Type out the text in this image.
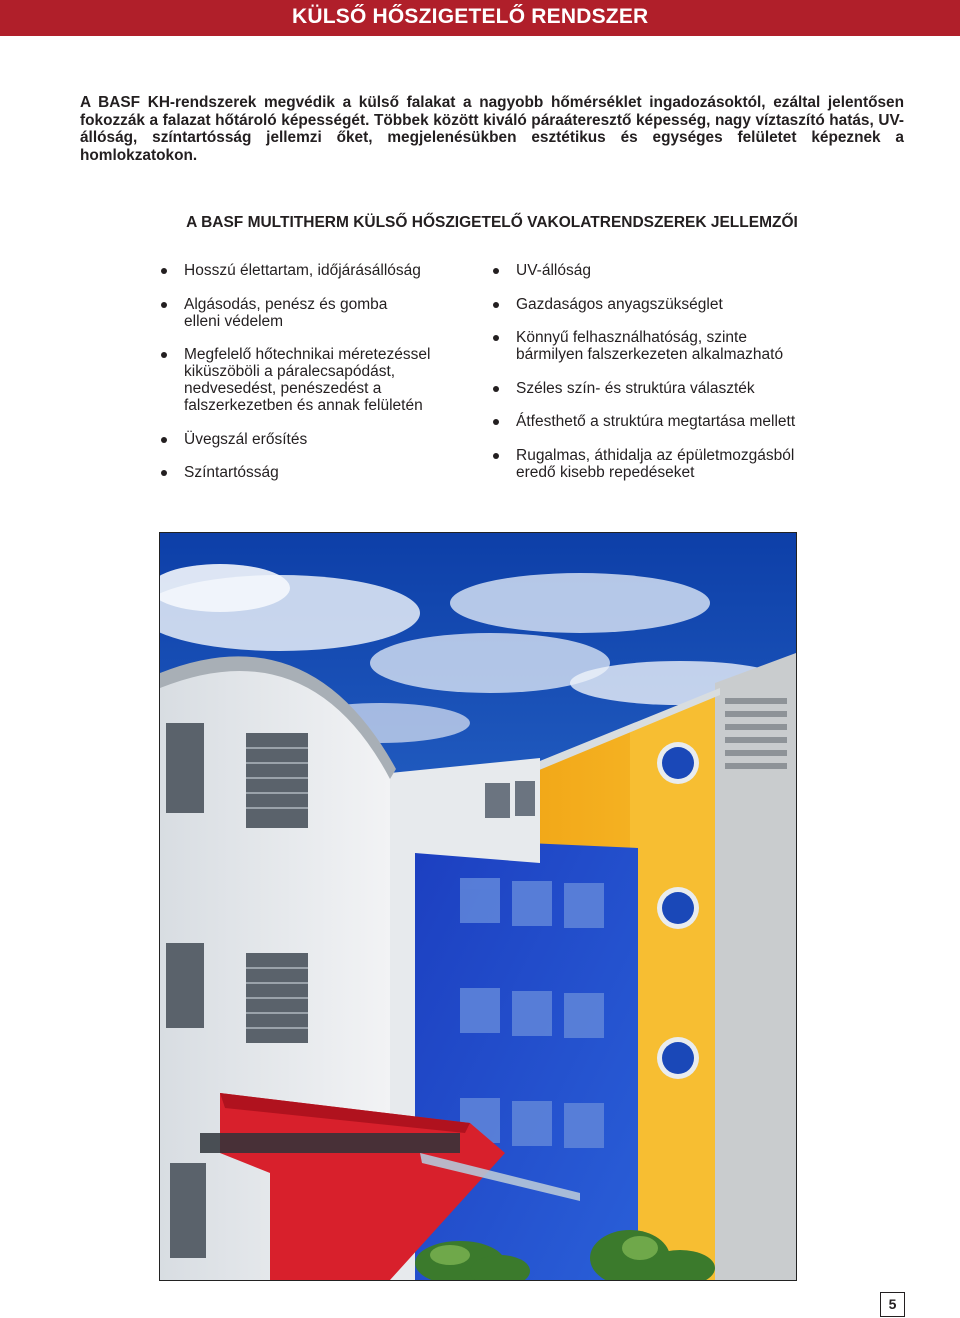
KÜLSŐ HŐSZIGETELŐ RENDSZER

A BASF KH-rendszerek megvédik a külső falakat a nagyobb hőmérséklet ingadozásoktól, ezáltal jelentősen fokozzák a falazat hőtároló képességét. Többek között kiváló páraáteresztő képesség, nagy víztaszító hatás, UV-állóság, színtartósság jellemzi őket, megjelenésükben esztétikus és egységes felületet képeznek a homlokzatokon.

A BASF MULTITHERM KÜLSŐ HŐSZIGETELŐ VAKOLATRENDSZEREK JELLEMZŐI
Hosszú élettartam, időjárásállóság
Algásodás, penész és gomba elleni védelem
Megfelelő hőtechnikai méretezéssel kiküszöböli a páralecsapódást, nedvesedést, penészedést a falszerkezetben és annak felületén
Üvegszál erősítés
Színtartósság
UV-állóság
Gazdaságos anyagszükséglet
Könnyű felhasználhatóság, szinte bármilyen falszerkezeten alkalmazható
Széles szín- és struktúra választék
Átfesthető a struktúra megtartása mellett
Rugalmas, áthidalja az épületmozgásból eredő kisebb repedéseket
5
